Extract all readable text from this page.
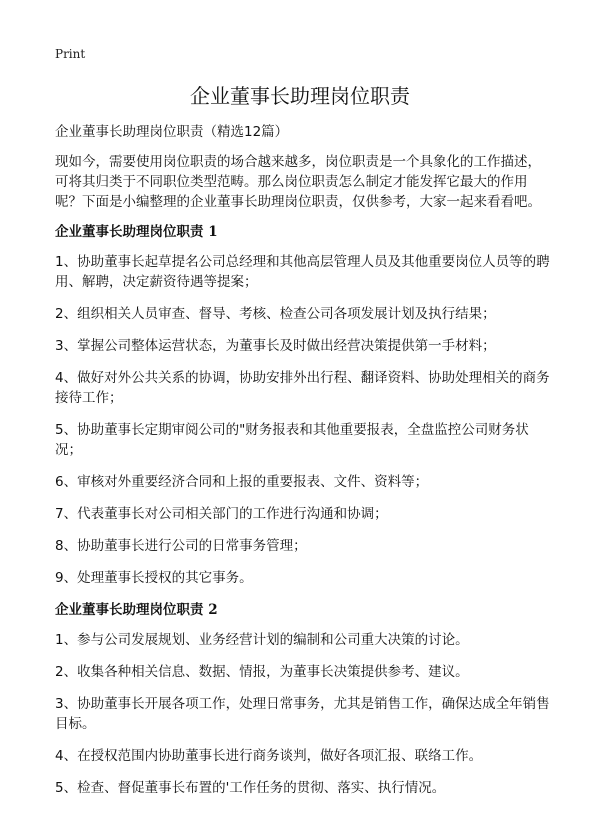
Print
企业董事长助理岗位职责

企业董事长助理岗位职责（精选12篇）

现如今，需要使用岗位职责的场合越来越多，岗位职责是一个具象化的工作描述，可将其归类于不同职位类型范畴。那么岗位职责怎么制定才能发挥它最大的作用呢？下面是小编整理的企业董事长助理岗位职责，仅供参考，大家一起来看看吧。

企业董事长助理岗位职责 1

1、协助董事长起草提名公司总经理和其他高层管理人员及其他重要岗位人员等的聘用、解聘，决定薪资待遇等提案；

2、组织相关人员审查、督导、考核、检查公司各项发展计划及执行结果；

3、掌握公司整体运营状态，为董事长及时做出经营决策提供第一手材料；

4、做好对外公共关系的协调，协助安排外出行程、翻译资料、协助处理相关的商务接待工作；

5、协助董事长定期审阅公司的"财务报表和其他重要报表，全盘监控公司财务状况；

6、审核对外重要经济合同和上报的重要报表、文件、资料等；

7、代表董事长对公司相关部门的工作进行沟通和协调；

8、协助董事长进行公司的日常事务管理；

9、处理董事长授权的其它事务。

企业董事长助理岗位职责 2

1、参与公司发展规划、业务经营计划的编制和公司重大决策的讨论。

2、收集各种相关信息、数据、情报，为董事长决策提供参考、建议。

3、协助董事长开展各项工作，处理日常事务，尤其是销售工作，确保达成全年销售目标。

4、在授权范围内协助董事长进行商务谈判，做好各项汇报、联络工作。

5、检查、督促董事长布置的'工作任务的贯彻、落实、执行情况。
